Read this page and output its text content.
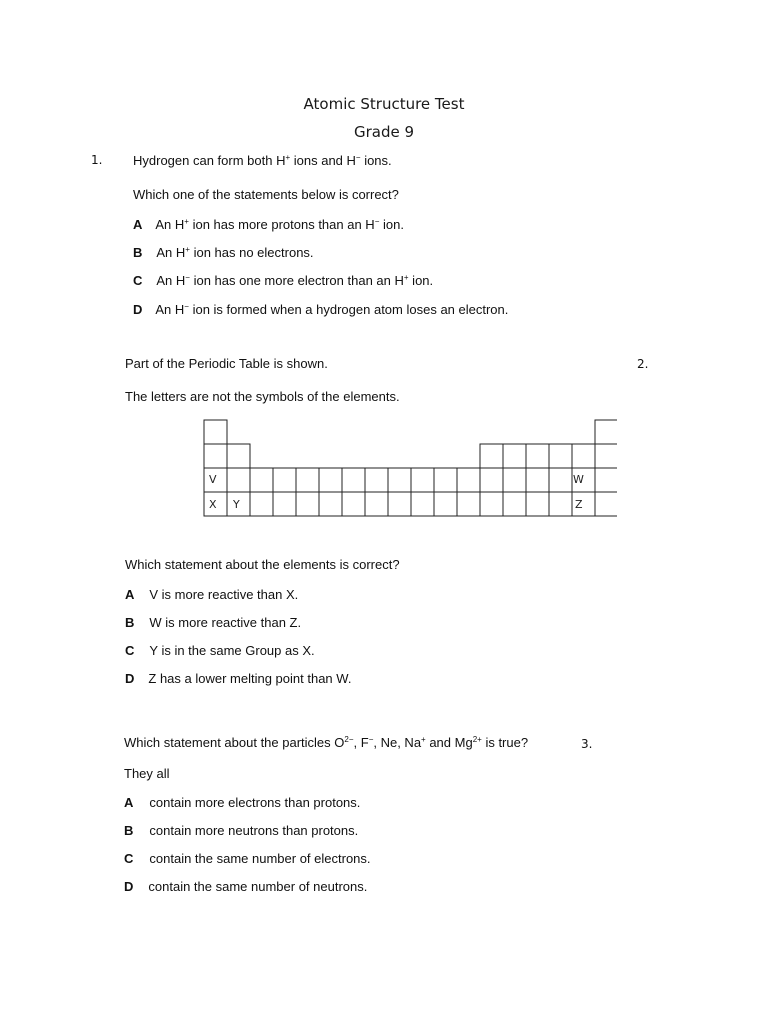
Atomic Structure Test
Grade 9
1. Hydrogen can form both H+ ions and H− ions.
Which one of the statements below is correct?
A An H+ ion has more protons than an H− ion.
B An H+ ion has no electrons.
C An H− ion has one more electron than an H+ ion.
D An H− ion is formed when a hydrogen atom loses an electron.
Part of the Periodic Table is shown.	2.
The letters are not the symbols of the elements.
V
X Y
W
Z
Which statement about the elements is correct?
A V is more reactive than X.
B W is more reactive than Z.
C Y is in the same Group as X.
D Z has a lower melting point than W.
Which statement about the particles $O^{2-}$, F−, Ne, Na+ and $Mg^{2+}$ is true?	3.
They all
A contain more electrons than protons.
B contain more neutrons than protons.
C contain the same number of electrons.
D contain the same number of neutrons.
